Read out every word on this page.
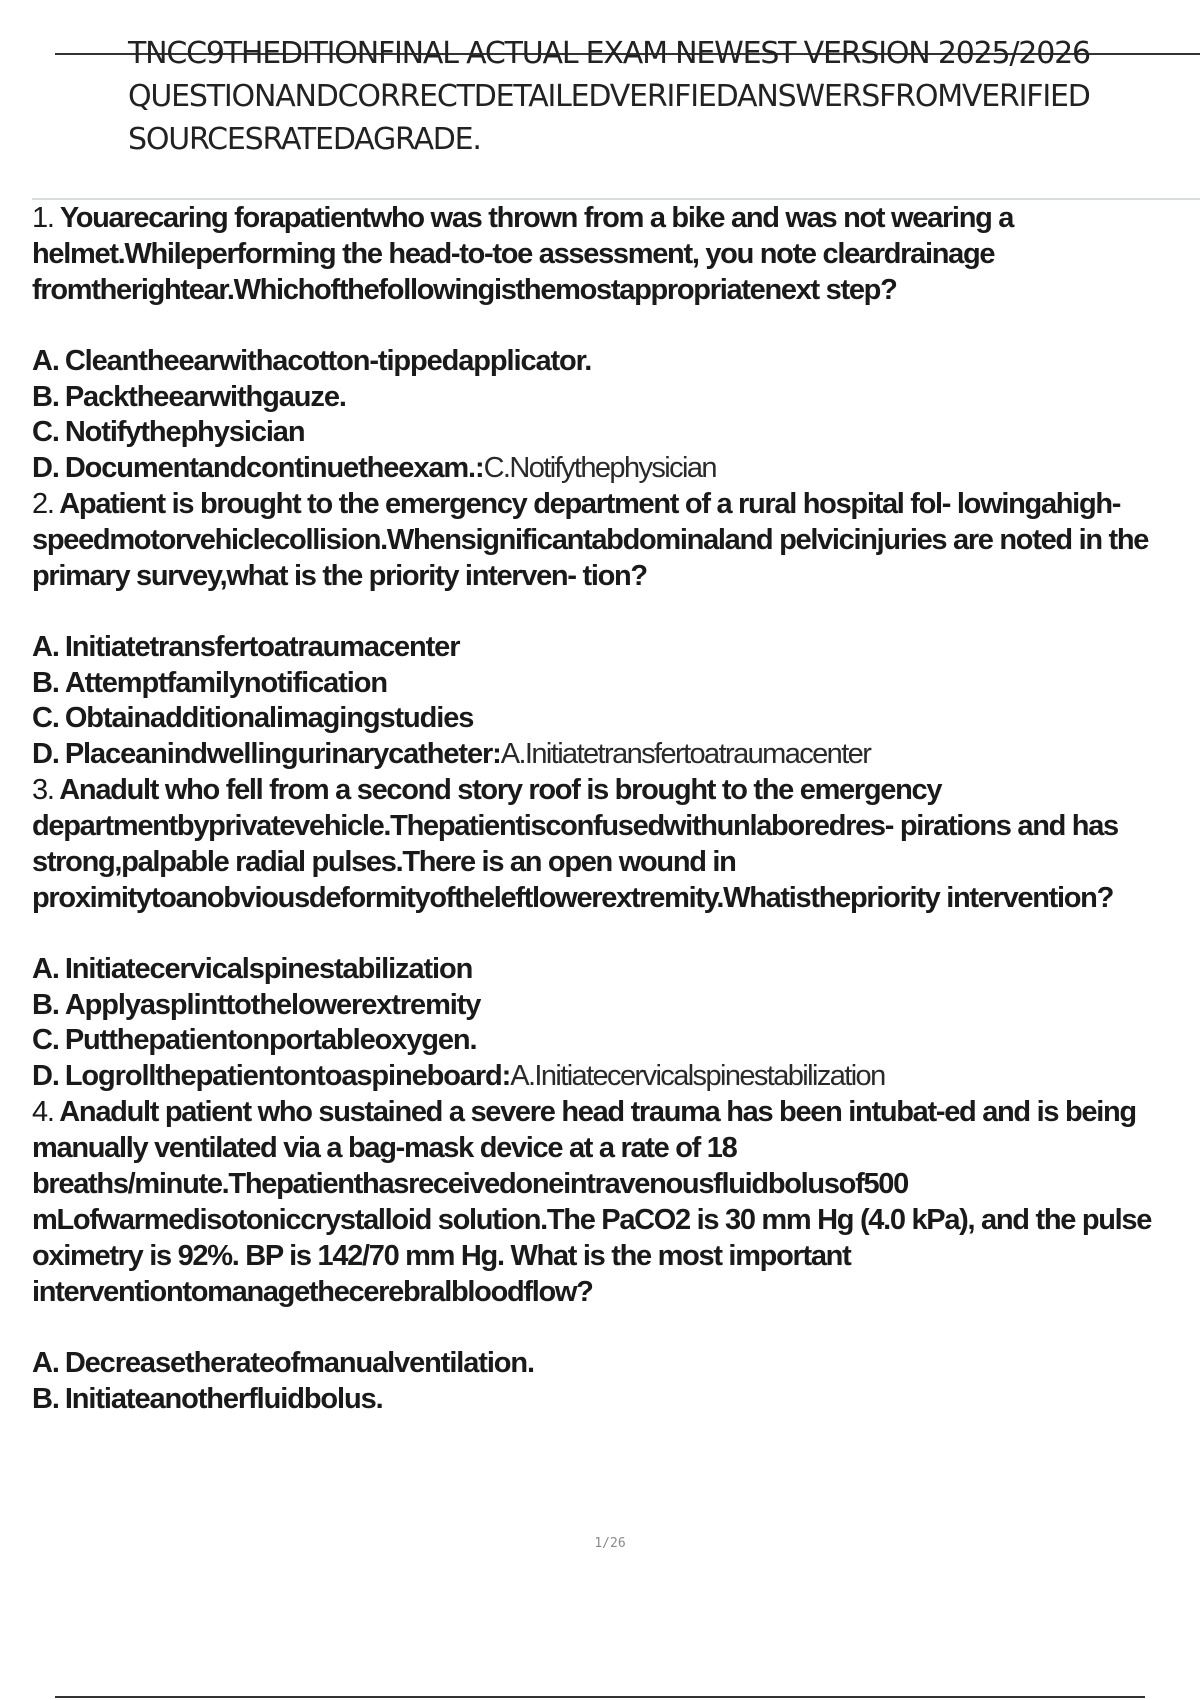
TNCC9THEDITIONFINAL ACTUAL EXAM NEWEST VERSION 2025/2026
QUESTIONANDCORRECTDETAILEDVERIFIEDANSWERSFROMVERIFIED
SOURCESRATEDAGRADE.

1. Youarecaring forapatientwho was thrown from a bike and was not wearing a helmet.Whileperforming the head-to-toe assessment, you note cleardrainage fromtherightear.Whichofthefollowingisthemostappropriatenext step?

A. Cleantheearwithacotton-tippedapplicator.
B. Packtheearwithgauze.
C. Notifythephysician
D. Documentandcontinuetheexam.:C.Notifythephysician

2. Apatient is brought to the emergency department of a rural hospital fol- lowingahigh-speedmotorvehiclecollision.Whensignificantabdominaland pelvicinjuries are noted in the primary survey,what is the priority interven- tion?

A. Initiatetransfertoatraumacenter
B. Attemptfamilynotification
C. Obtainadditionalimagingstudies
D. Placeanindwellingurinarycatheter:A.Initiatetransfertoatraumacenter

3. Anadult who fell from a second story roof is brought to the emergency departmentbyprivatevehicle.Thepatientisconfusedwithunlaboredres- pirations and has strong,palpable radial pulses.There is an open wound in proximitytoanobviousdeformityoftheleftlowerextremity.Whatisthepriority intervention?

A. Initiatecervicalspinestabilization
B. Applyasplinttothelowerextremity
C. Putthepatientonportableoxygen.
D. Logrollthepatientontoaspineboard:A.Initiatecervicalspinestabilization

4. Anadult patient who sustained a severe head trauma has been intubat-ed and is being manually ventilated via a bag-mask device at a rate of 18 breaths/minute.Thepatienthasreceivedoneintravenousfluidbolusof500 mLofwarmedisotoniccrystalloid solution.The PaCO2 is 30 mm Hg (4.0 kPa), and the pulse oximetry is 92%. BP is 142/70 mm Hg. What is the most important interventiontomanagethecerebralbloodflow?

A. Decreasetherateofmanualventilation.
B. Initiateanotherfluidbolus.
1/26
